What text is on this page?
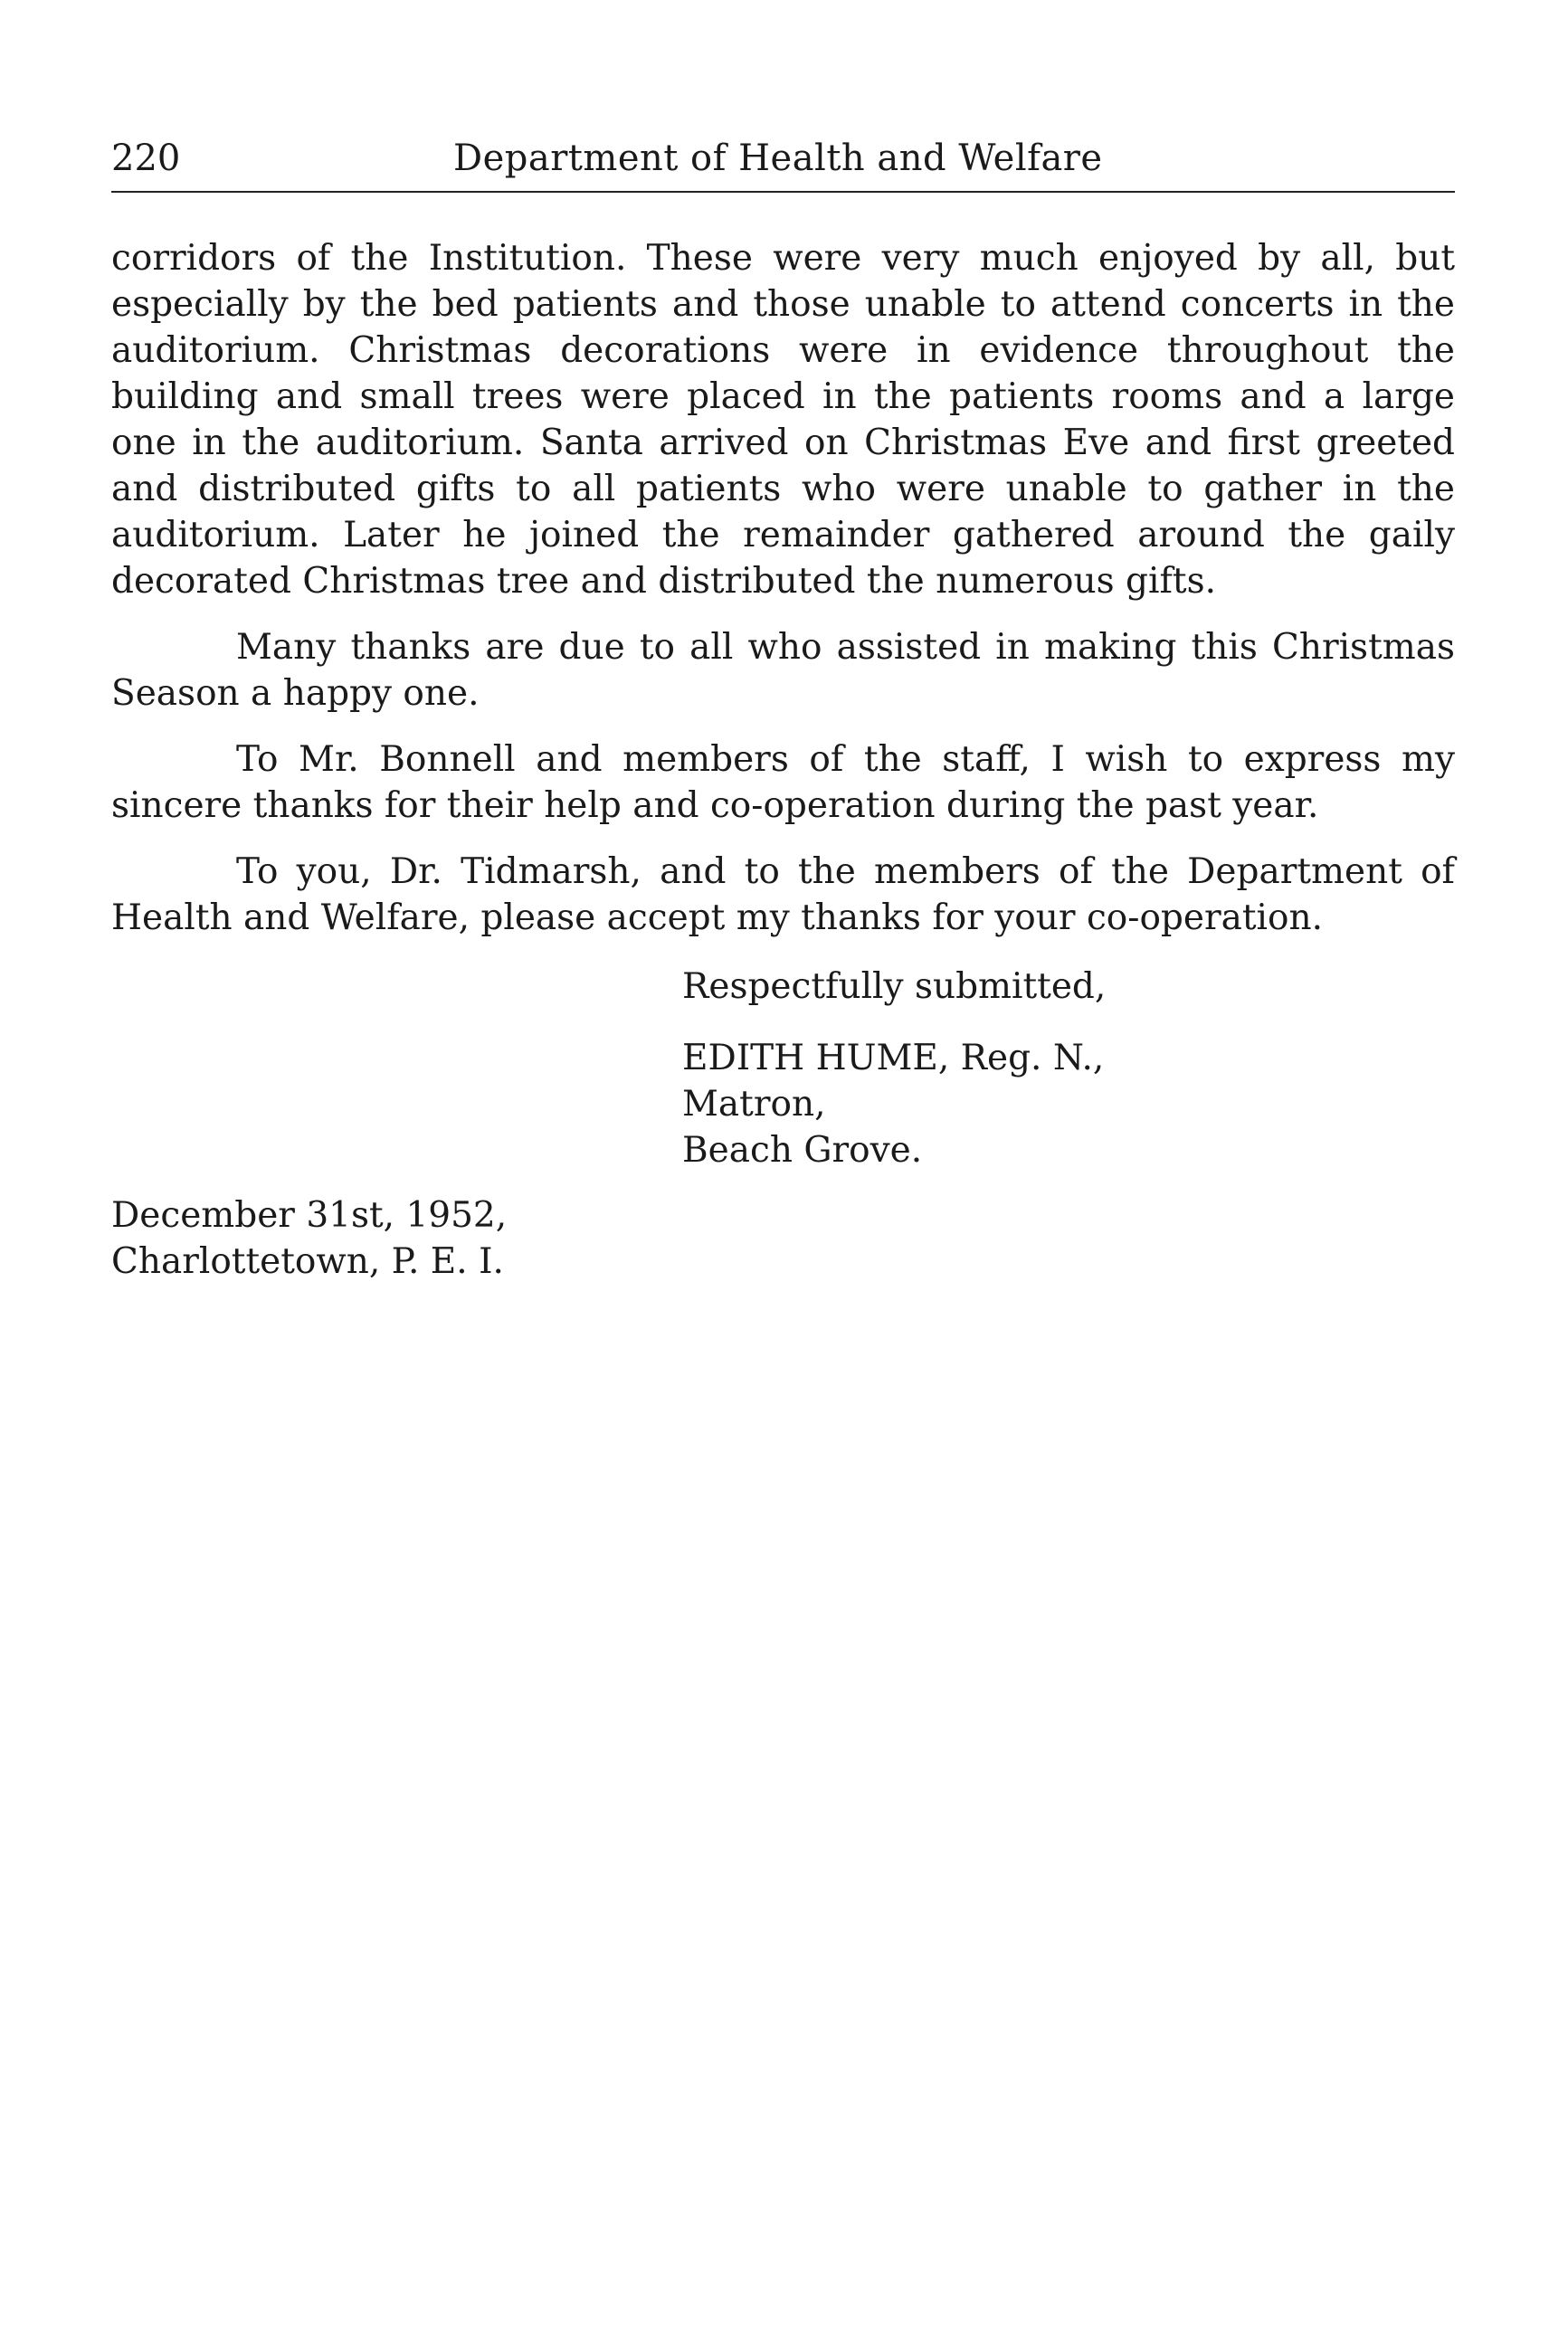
220	Department of Health and Welfare

corridors of the Institution. These were very much enjoyed by all, but especially by the bed patients and those unable to attend concerts in the auditorium. Christmas decorations were in evidence throughout the building and small trees were placed in the patients rooms and a large one in the auditorium. Santa arrived on Christmas Eve and first greeted and distributed gifts to all patients who were unable to gather in the auditorium. Later he joined the remainder gathered around the gaily decorated Christmas tree and distributed the numerous gifts.

Many thanks are due to all who assisted in making this Christmas Season a happy one.

To Mr. Bonnell and members of the staff, I wish to express my sincere thanks for their help and co-operation during the past year.

To you, Dr. Tidmarsh, and to the members of the Department of Health and Welfare, please accept my thanks for your co-operation.

Respectfully submitted,
EDITH HUME, Reg. N.,
Matron,
Beach Grove.
December 31st, 1952,
Charlottetown, P. E. I.
